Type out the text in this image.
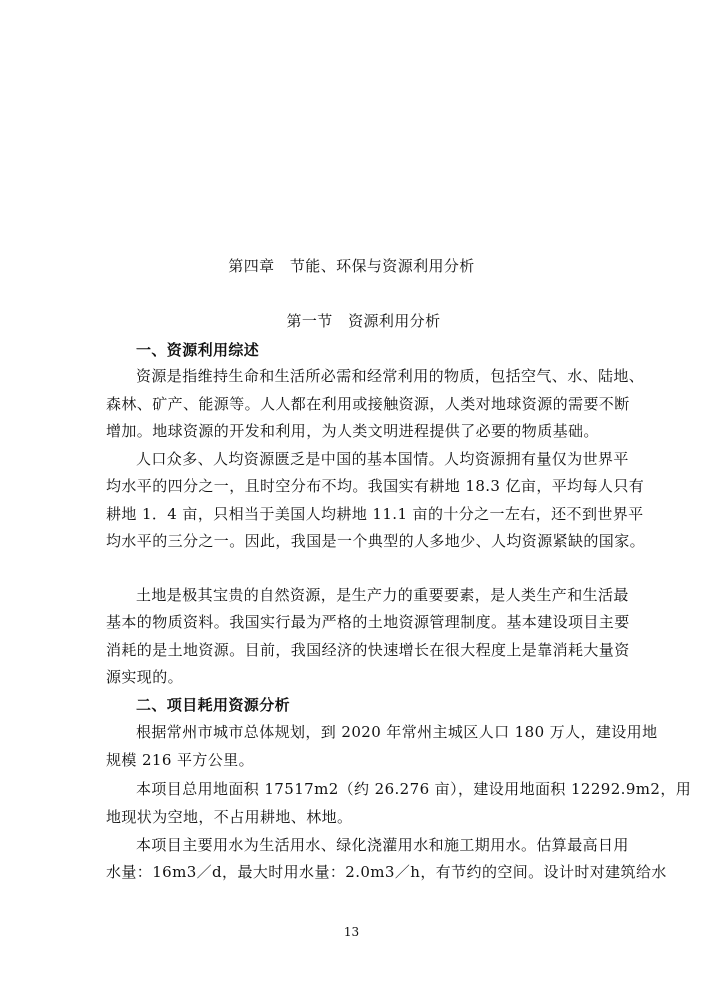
第四章　节能、环保与资源利用分析
第一节　资源利用分析
一、资源利用综述
资源是指维持生命和生活所必需和经常利用的物质，包括空气、水、陆地、
森林、矿产、能源等。人人都在利用或接触资源，人类对地球资源的需要不断
增加。地球资源的开发和利用，为人类文明进程提供了必要的物质基础。
人口众多、人均资源匮乏是中国的基本国情。人均资源拥有量仅为世界平
均水平的四分之一，且时空分布不均。我国实有耕地 18.3 亿亩，平均每人只有
耕地 1．4 亩，只相当于美国人均耕地 11.1 亩的十分之一左右，还不到世界平
均水平的三分之一。因此，我国是一个典型的人多地少、人均资源紧缺的国家。
土地是极其宝贵的自然资源，是生产力的重要要素，是人类生产和生活最
基本的物质资料。我国实行最为严格的土地资源管理制度。基本建设项目主要
消耗的是土地资源。目前，我国经济的快速增长在很大程度上是靠消耗大量资
源实现的。
二、项目耗用资源分析
根据常州市城市总体规划，到 2020 年常州主城区人口 180 万人，建设用地
规模 216 平方公里。
本项目总用地面积 17517m2（约 26.276 亩），建设用地面积 12292.9m2，用
地现状为空地，不占用耕地、林地。
本项目主要用水为生活用水、绿化浇灌用水和施工期用水。估算最高日用
水量：16m3／d，最大时用水量：2.0m3／h，有节约的空间。设计时对建筑给水
13
